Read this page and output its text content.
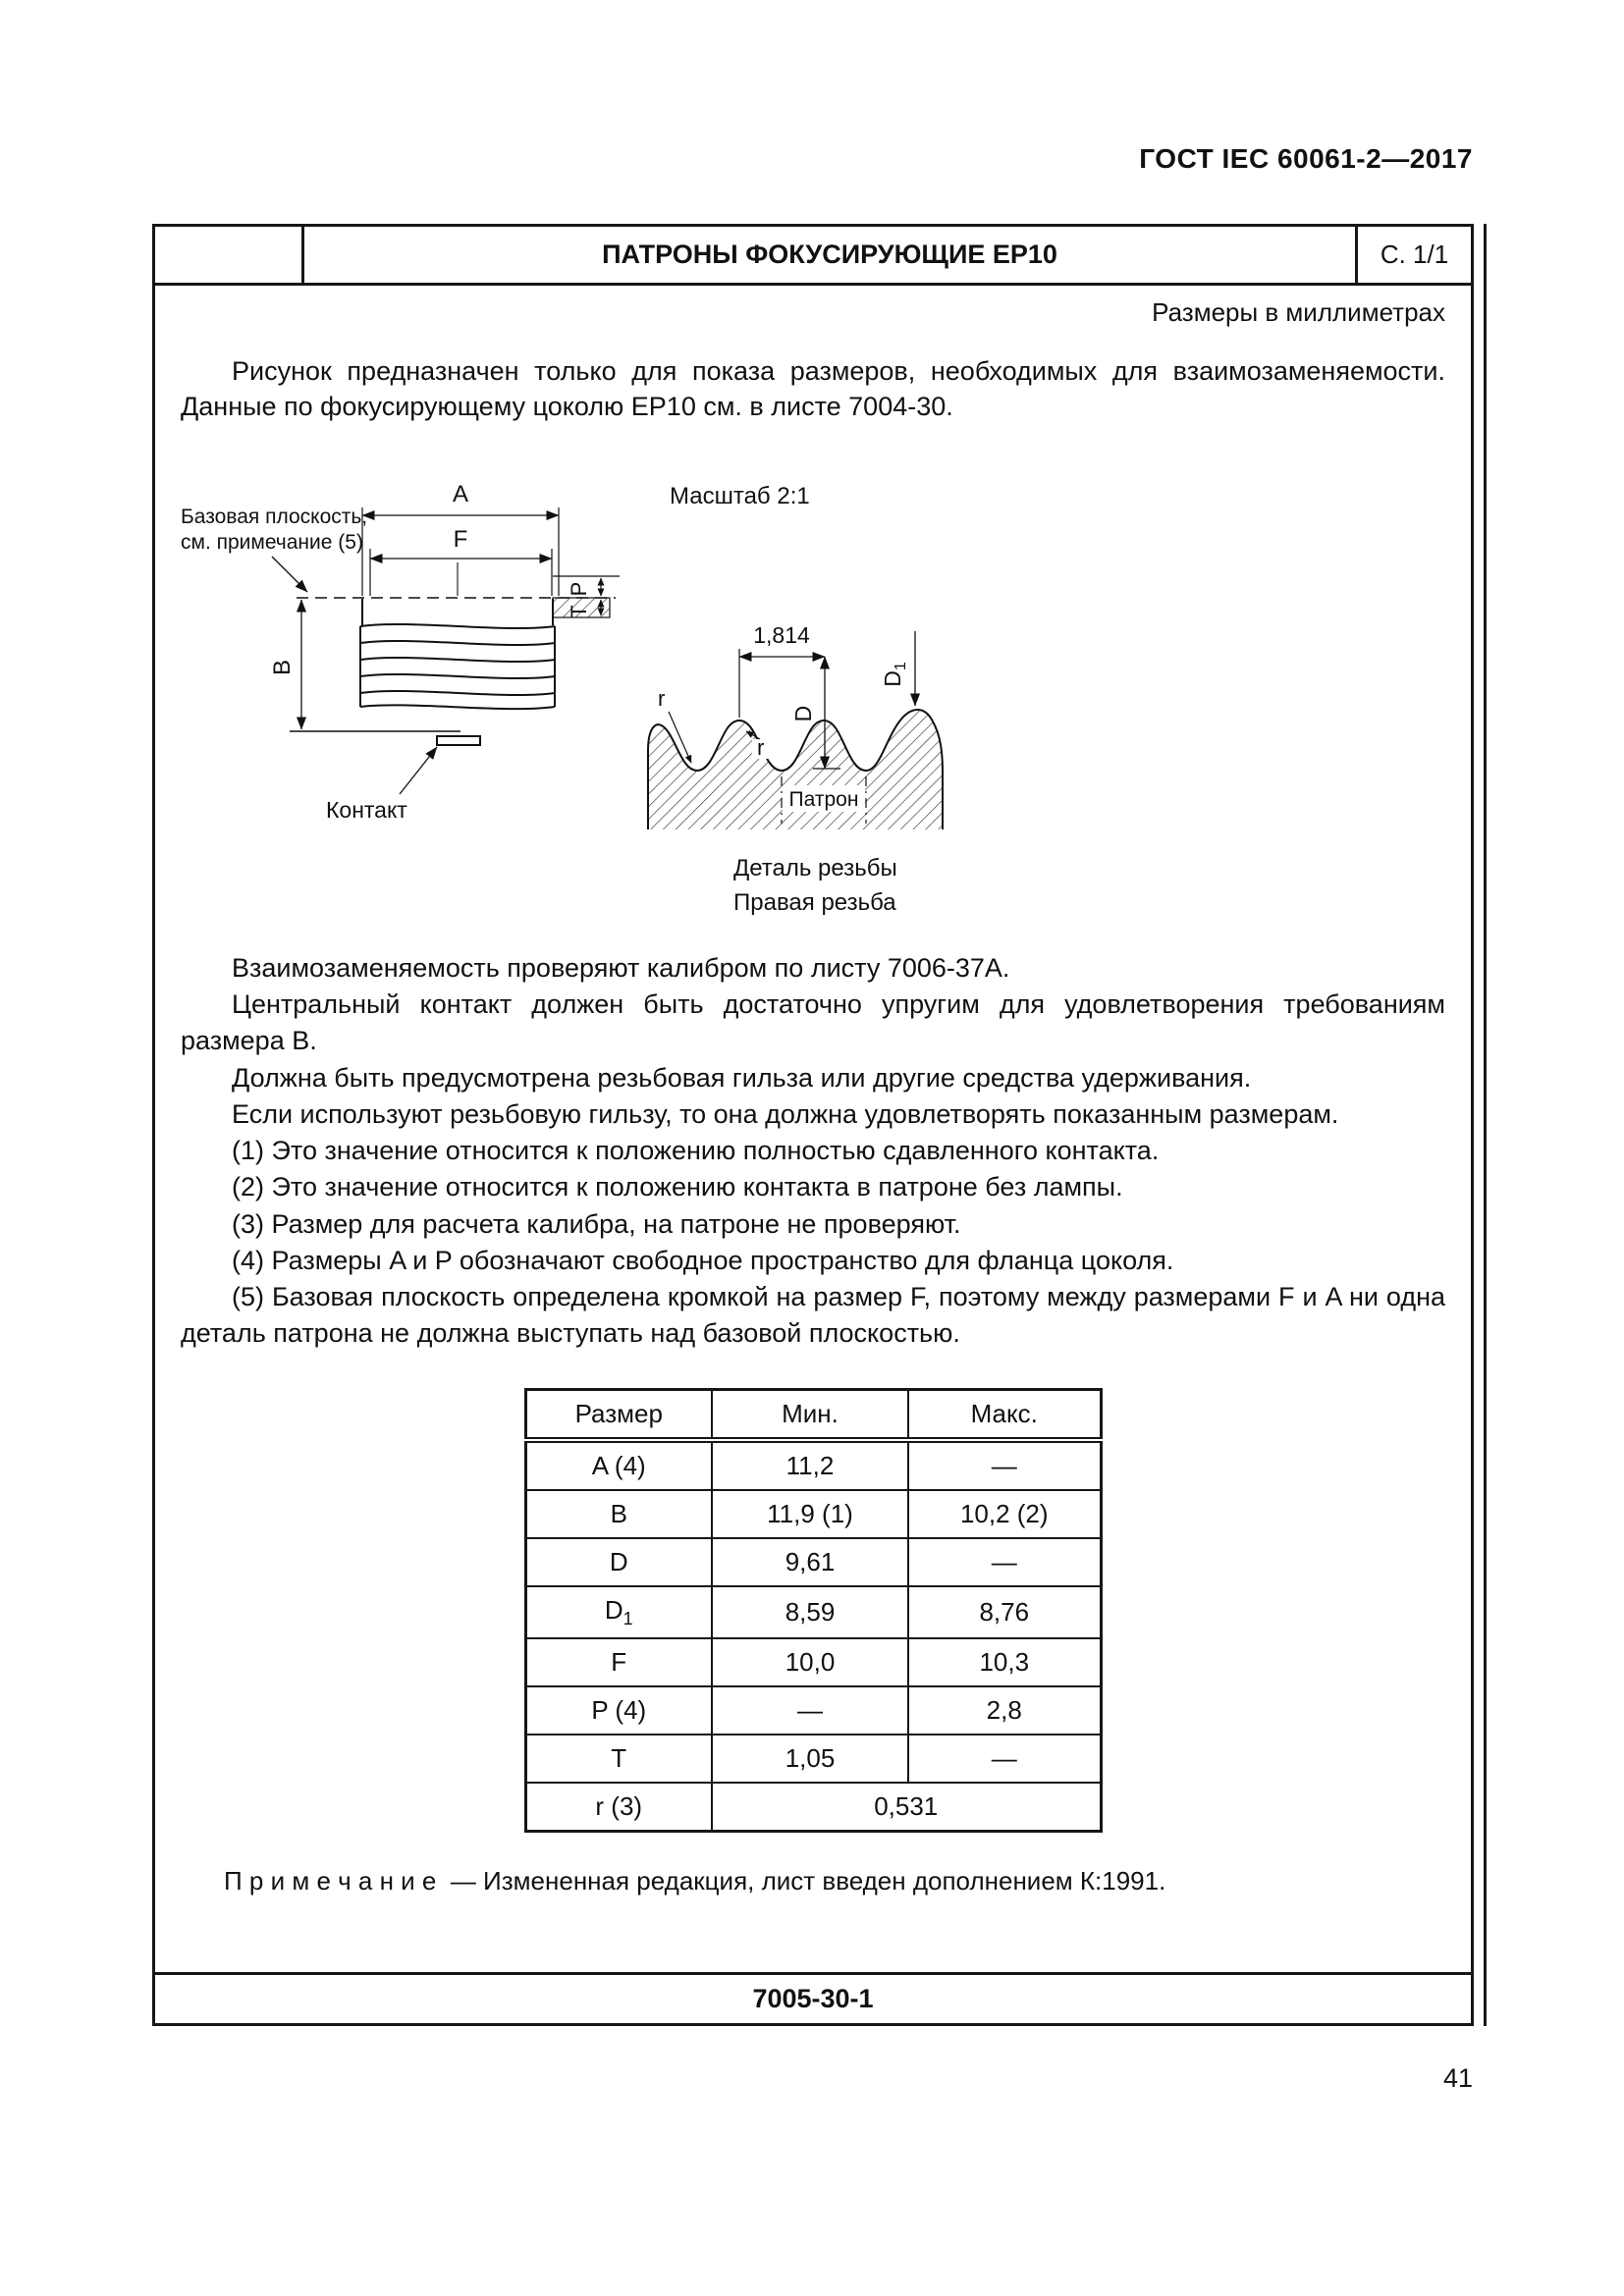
ГОСТ IEC 60061-2—2017
ПАТРОНЫ ФОКУСИРУЮЩИЕ EP10	С. 1/1
Размеры в миллиметрах

Рисунок предназначен только для показа размеров, необходимых для взаимозаменяемости. Данные по фокусирующему цоколю EP10 см. в листе 7004-30.

A
F
Базовая плоскость,
см. примечание (5)
B
Контакт
P
T
Масштаб 2:1
1,814
r
r
D
$D_1$
Патрон
Деталь резьбы
Правая резьба

Взаимозаменяемость проверяют калибром по листу 7006-37A.

Центральный контакт должен быть достаточно упругим для удовлетворения требованиям размера B.

Должна быть предусмотрена резьбовая гильза или другие средства удерживания.

Если используют резьбовую гильзу, то она должна удовлетворять показанным размерам.

(1) Это значение относится к положению полностью сдавленного контакта.

(2) Это значение относится к положению контакта в патроне без лампы.

(3) Размер для расчета калибра, на патроне не проверяют.

(4) Размеры A и P обозначают свободное пространство для фланца цоколя.

(5) Базовая плоскость определена кромкой на размер F, поэтому между размерами F и A ни одна деталь патрона не должна выступать над базовой плоскостью.

Размер	Мин.	Макс.
A (4)	11,2	—
B	11,9 (1)	10,2 (2)
D	9,61	—
$D_1$	8,59	8,76
F	10,0	10,3
P (4)	—	2,8
T	1,05	—
r (3)	0,531	

П р и м е ч а н и е — Измененная редакция, лист введен дополнением К:1991.

7005-30-1
41
